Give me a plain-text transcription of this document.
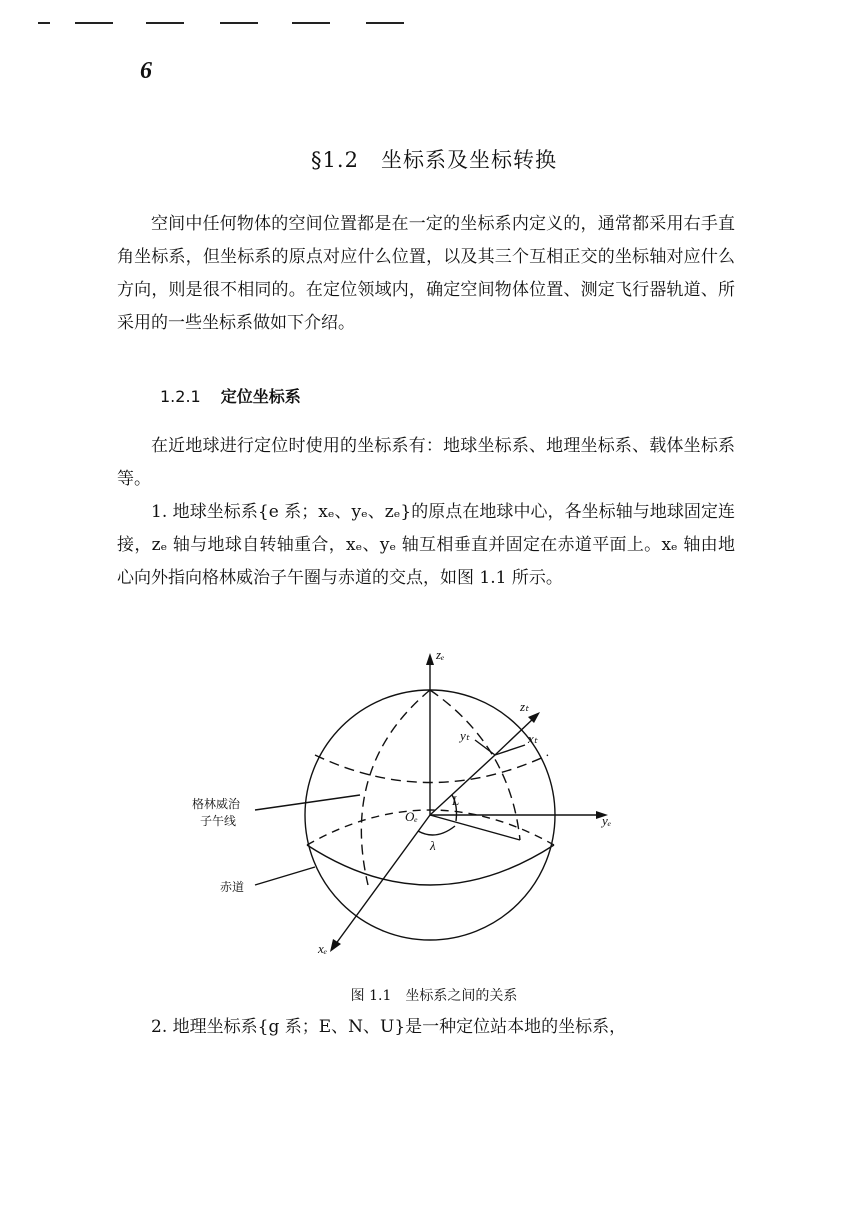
6
§1.2　坐标系及坐标转换
空间中任何物体的空间位置都是在一定的坐标系内定义的，通常都采用右手直角坐标系，但坐标系的原点对应什么位置，以及其三个互相正交的坐标轴对应什么方向，则是很不相同的。在定位领域内，确定空间物体位置、测定飞行器轨道、所采用的一些坐标系做如下介绍。
1.2.1 定位坐标系
在近地球进行定位时使用的坐标系有：地球坐标系、地理坐标系、载体坐标系等。
1. 地球坐标系{e 系；xₑ、yₑ、zₑ}的原点在地球中心，各坐标轴与地球固定连接，zₑ 轴与地球自转轴重合，xₑ、yₑ 轴互相垂直并固定在赤道平面上。xₑ 轴由地心向外指向格林威治子午圈与赤道的交点，如图 1.1 所示。
格林威治
子午线
赤道
Oₑ
zₑ
yₑ
xₑ
zₜ
yₜ	xₜ
λ
L
图 1.1　坐标系之间的关系
2. 地理坐标系{g 系；E、N、U}是一种定位站本地的坐标系，
